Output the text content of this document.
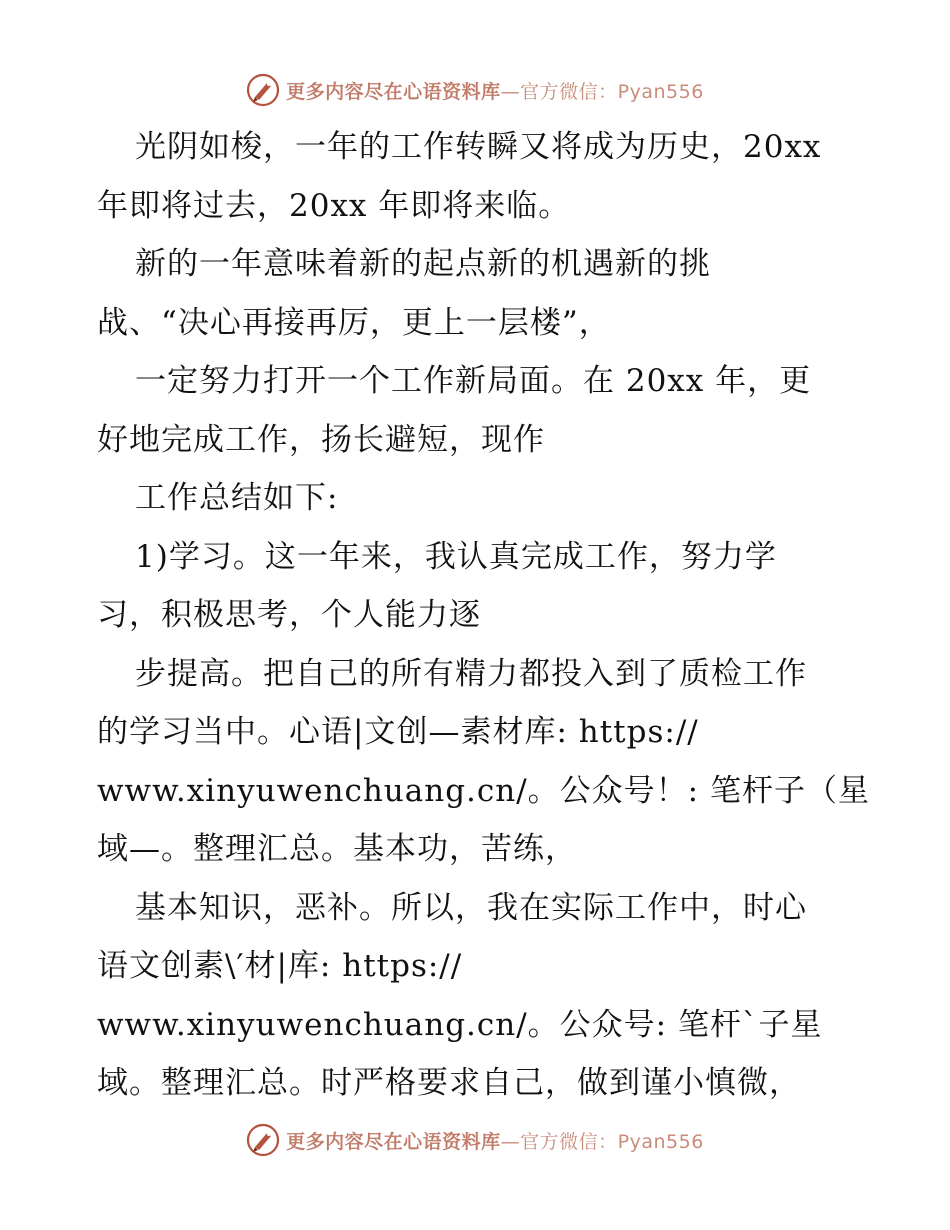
更多内容尽在心语资料库—官方微信：Pyan556
光阴如梭，一年的工作转瞬又将成为历史，20xx
年即将过去，20xx 年即将来临。
新的一年意味着新的起点新的机遇新的挑
战、“决心再接再厉，更上一层楼”，
一定努力打开一个工作新局面。在 20xx 年，更
好地完成工作，扬长避短，现作
工作总结如下:
1)学习。这一年来，我认真完成工作，努力学
习，积极思考，个人能力逐
步提高。把自己的所有精力都投入到了质检工作
的学习当中。心语|文创—素材库: https://
www.xinyuwenchuang.cn/。公众号！: 笔杆子（星
域—。整理汇总。基本功，苦练，
基本知识，恶补。所以，我在实际工作中，时心
语文创素\′材|库: https://
www.xinyuwenchuang.cn/。公众号: 笔杆`子星
域。整理汇总。时严格要求自己，做到谨小慎微，
更多内容尽在心语资料库—官方微信：Pyan556
